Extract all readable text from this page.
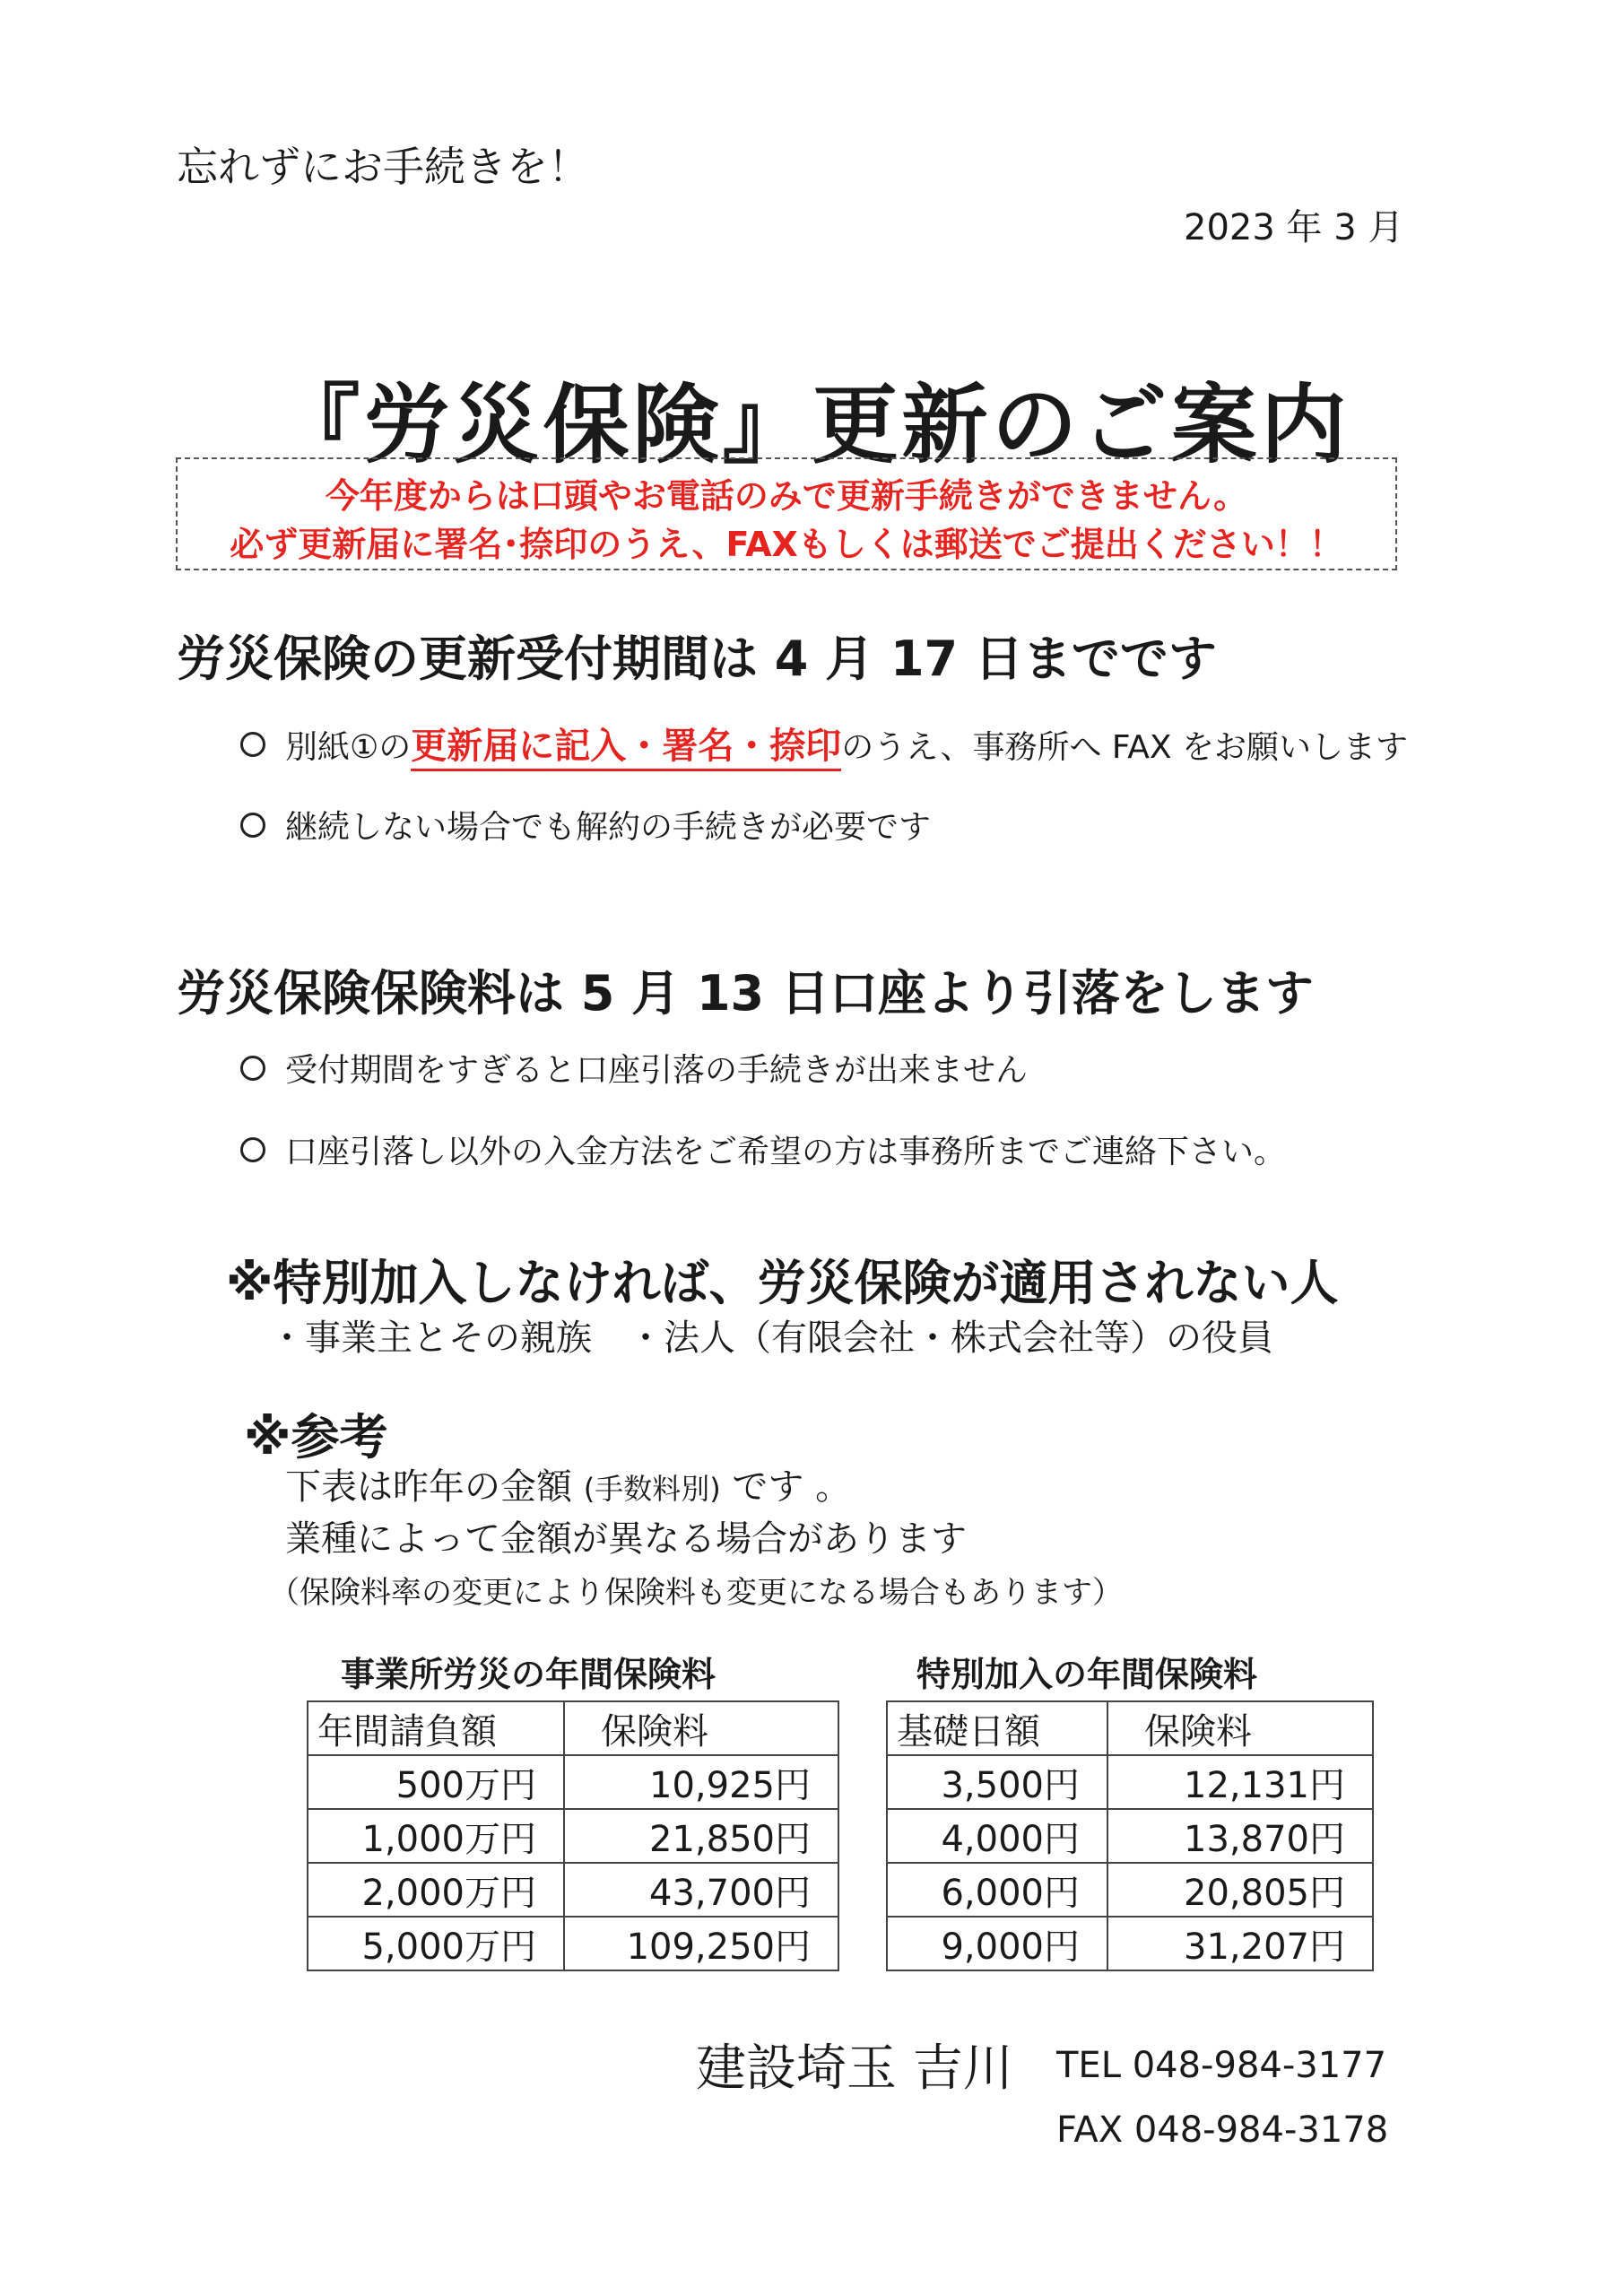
忘れずにお手続きを！
2023 年 3 月
『労災保険』更新のご案内
今年度からは口頭やお電話のみで更新手続きができません。
必ず更新届に署名･捺印のうえ、FAXもしくは郵送でご提出ください！！
労災保険の更新受付期間は 4 月 17 日までです
別紙①の 更新届に記入・署名・捺印 のうえ、事務所へ FAX をお願いします
継続しない場合でも解約の手続きが必要です
労災保険保険料は 5 月 13 日口座より引落をします
受付期間をすぎると口座引落の手続きが出来ません
口座引落し以外の入金方法をご希望の方は事務所までご連絡下さい。
※特別加入しなければ、労災保険が適用されない人
・事業主とその親族　・法人（有限会社・株式会社等）の役員
※参考
下表は昨年の金額 (手数料別) です 。
業種によって金額が異なる場合があります
（保険料率の変更により保険料も変更になる場合もあります）
事業所労災の年間保険料
年間請負額	保険料
500万円	10,925円
1,000万円	21,850円
2,000万円	43,700円
5,000万円	109,250円
特別加入の年間保険料
基礎日額	保険料
3,500円	12,131円
4,000円	13,870円
6,000円	20,805円
9,000円	31,207円
建設埼玉 吉川 TEL 048-984-3177
FAX 048-984-3178
